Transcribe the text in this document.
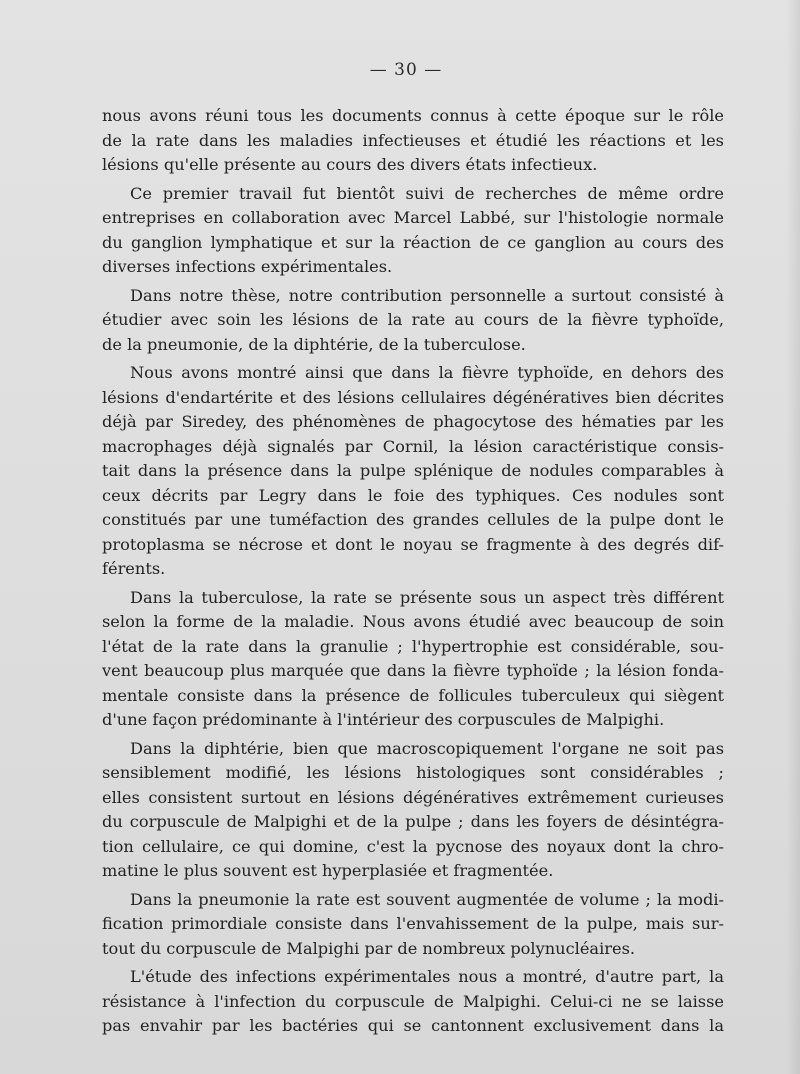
— 30 —
nous avons réuni tous les documents connus à cette époque sur le rôle
de la rate dans les maladies infectieuses et étudié les réactions et les
lésions qu'elle présente au cours des divers états infectieux.
Ce premier travail fut bientôt suivi de recherches de même ordre
entreprises en collaboration avec Marcel Labbé, sur l'histologie normale
du ganglion lymphatique et sur la réaction de ce ganglion au cours des
diverses infections expérimentales.
Dans notre thèse, notre contribution personnelle a surtout consisté à
étudier avec soin les lésions de la rate au cours de la fièvre typhoïde,
de la pneumonie, de la diphtérie, de la tuberculose.
Nous avons montré ainsi que dans la fièvre typhoïde, en dehors des
lésions d'endartérite et des lésions cellulaires dégénératives bien décrites
déjà par Siredey, des phénomènes de phagocytose des hématies par les
macrophages déjà signalés par Cornil, la lésion caractéristique consis-
tait dans la présence dans la pulpe splénique de nodules comparables à
ceux décrits par Legry dans le foie des typhiques. Ces nodules sont
constitués par une tuméfaction des grandes cellules de la pulpe dont le
protoplasma se nécrose et dont le noyau se fragmente à des degrés dif-
férents.
Dans la tuberculose, la rate se présente sous un aspect très différent
selon la forme de la maladie. Nous avons étudié avec beaucoup de soin
l'état de la rate dans la granulie ; l'hypertrophie est considérable, sou-
vent beaucoup plus marquée que dans la fièvre typhoïde ; la lésion fonda-
mentale consiste dans la présence de follicules tuberculeux qui siègent
d'une façon prédominante à l'intérieur des corpuscules de Malpighi.
Dans la diphtérie, bien que macroscopiquement l'organe ne soit pas
sensiblement modifié, les lésions histologiques sont considérables ;
elles consistent surtout en lésions dégénératives extrêmement curieuses
du corpuscule de Malpighi et de la pulpe ; dans les foyers de désintégra-
tion cellulaire, ce qui domine, c'est la pycnose des noyaux dont la chro-
matine le plus souvent est hyperplasiée et fragmentée.
Dans la pneumonie la rate est souvent augmentée de volume ; la modi-
fication primordiale consiste dans l'envahissement de la pulpe, mais sur-
tout du corpuscule de Malpighi par de nombreux polynucléaires.
L'étude des infections expérimentales nous a montré, d'autre part, la
résistance à l'infection du corpuscule de Malpighi. Celui-ci ne se laisse
pas envahir par les bactéries qui se cantonnent exclusivement dans la
